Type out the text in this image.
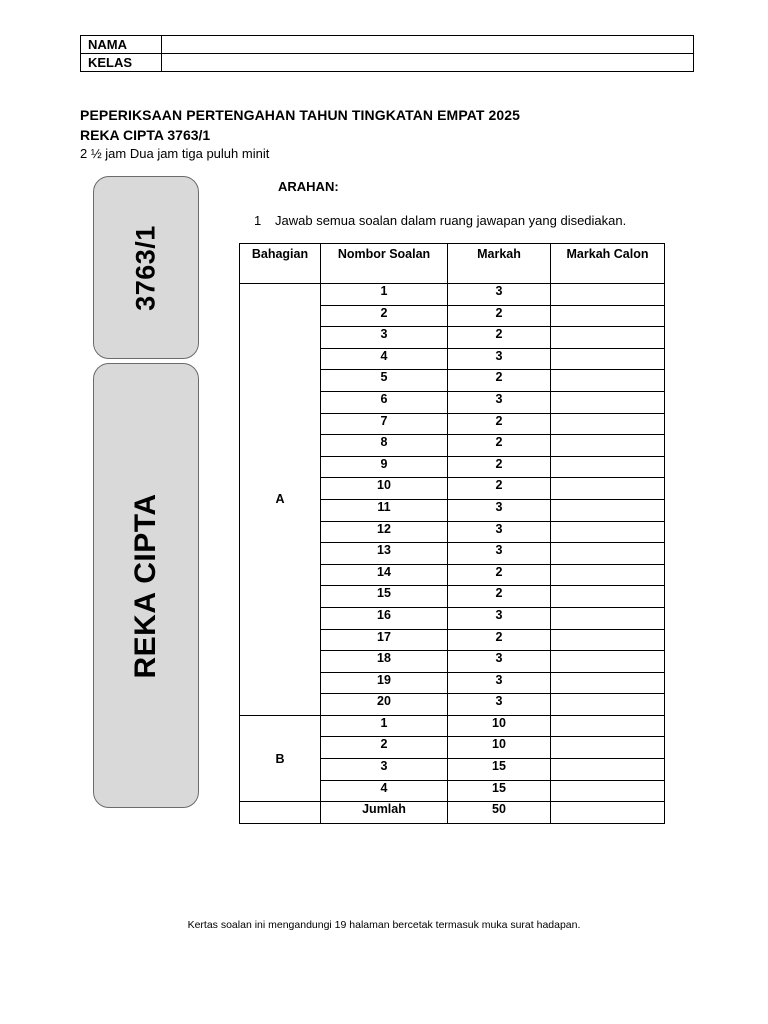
NAMA	
KELAS	
PEPERIKSAAN PERTENGAHAN TAHUN TINGKATAN EMPAT 2025
REKA CIPTA 3763/1
2 ½ jam Dua jam tiga puluh minit
3763/1
REKA CIPTA
ARAHAN:
1 Jawab semua soalan dalam ruang jawapan yang disediakan.
Bahagian	Nombor Soalan	Markah	Markah Calon
A	1	3	
	2	2	
	3	2	
	4	3	
	5	2	
	6	3	
	7	2	
	8	2	
	9	2	
	10	2	
	11	3	
	12	3	
	13	3	
	14	2	
	15	2	
	16	3	
	17	2	
	18	3	
	19	3	
	20	3	
B	1	10	
	2	10	
	3	15	
	4	15	
	Jumlah	50	
Kertas soalan ini mengandungi 19 halaman bercetak termasuk muka surat hadapan.
